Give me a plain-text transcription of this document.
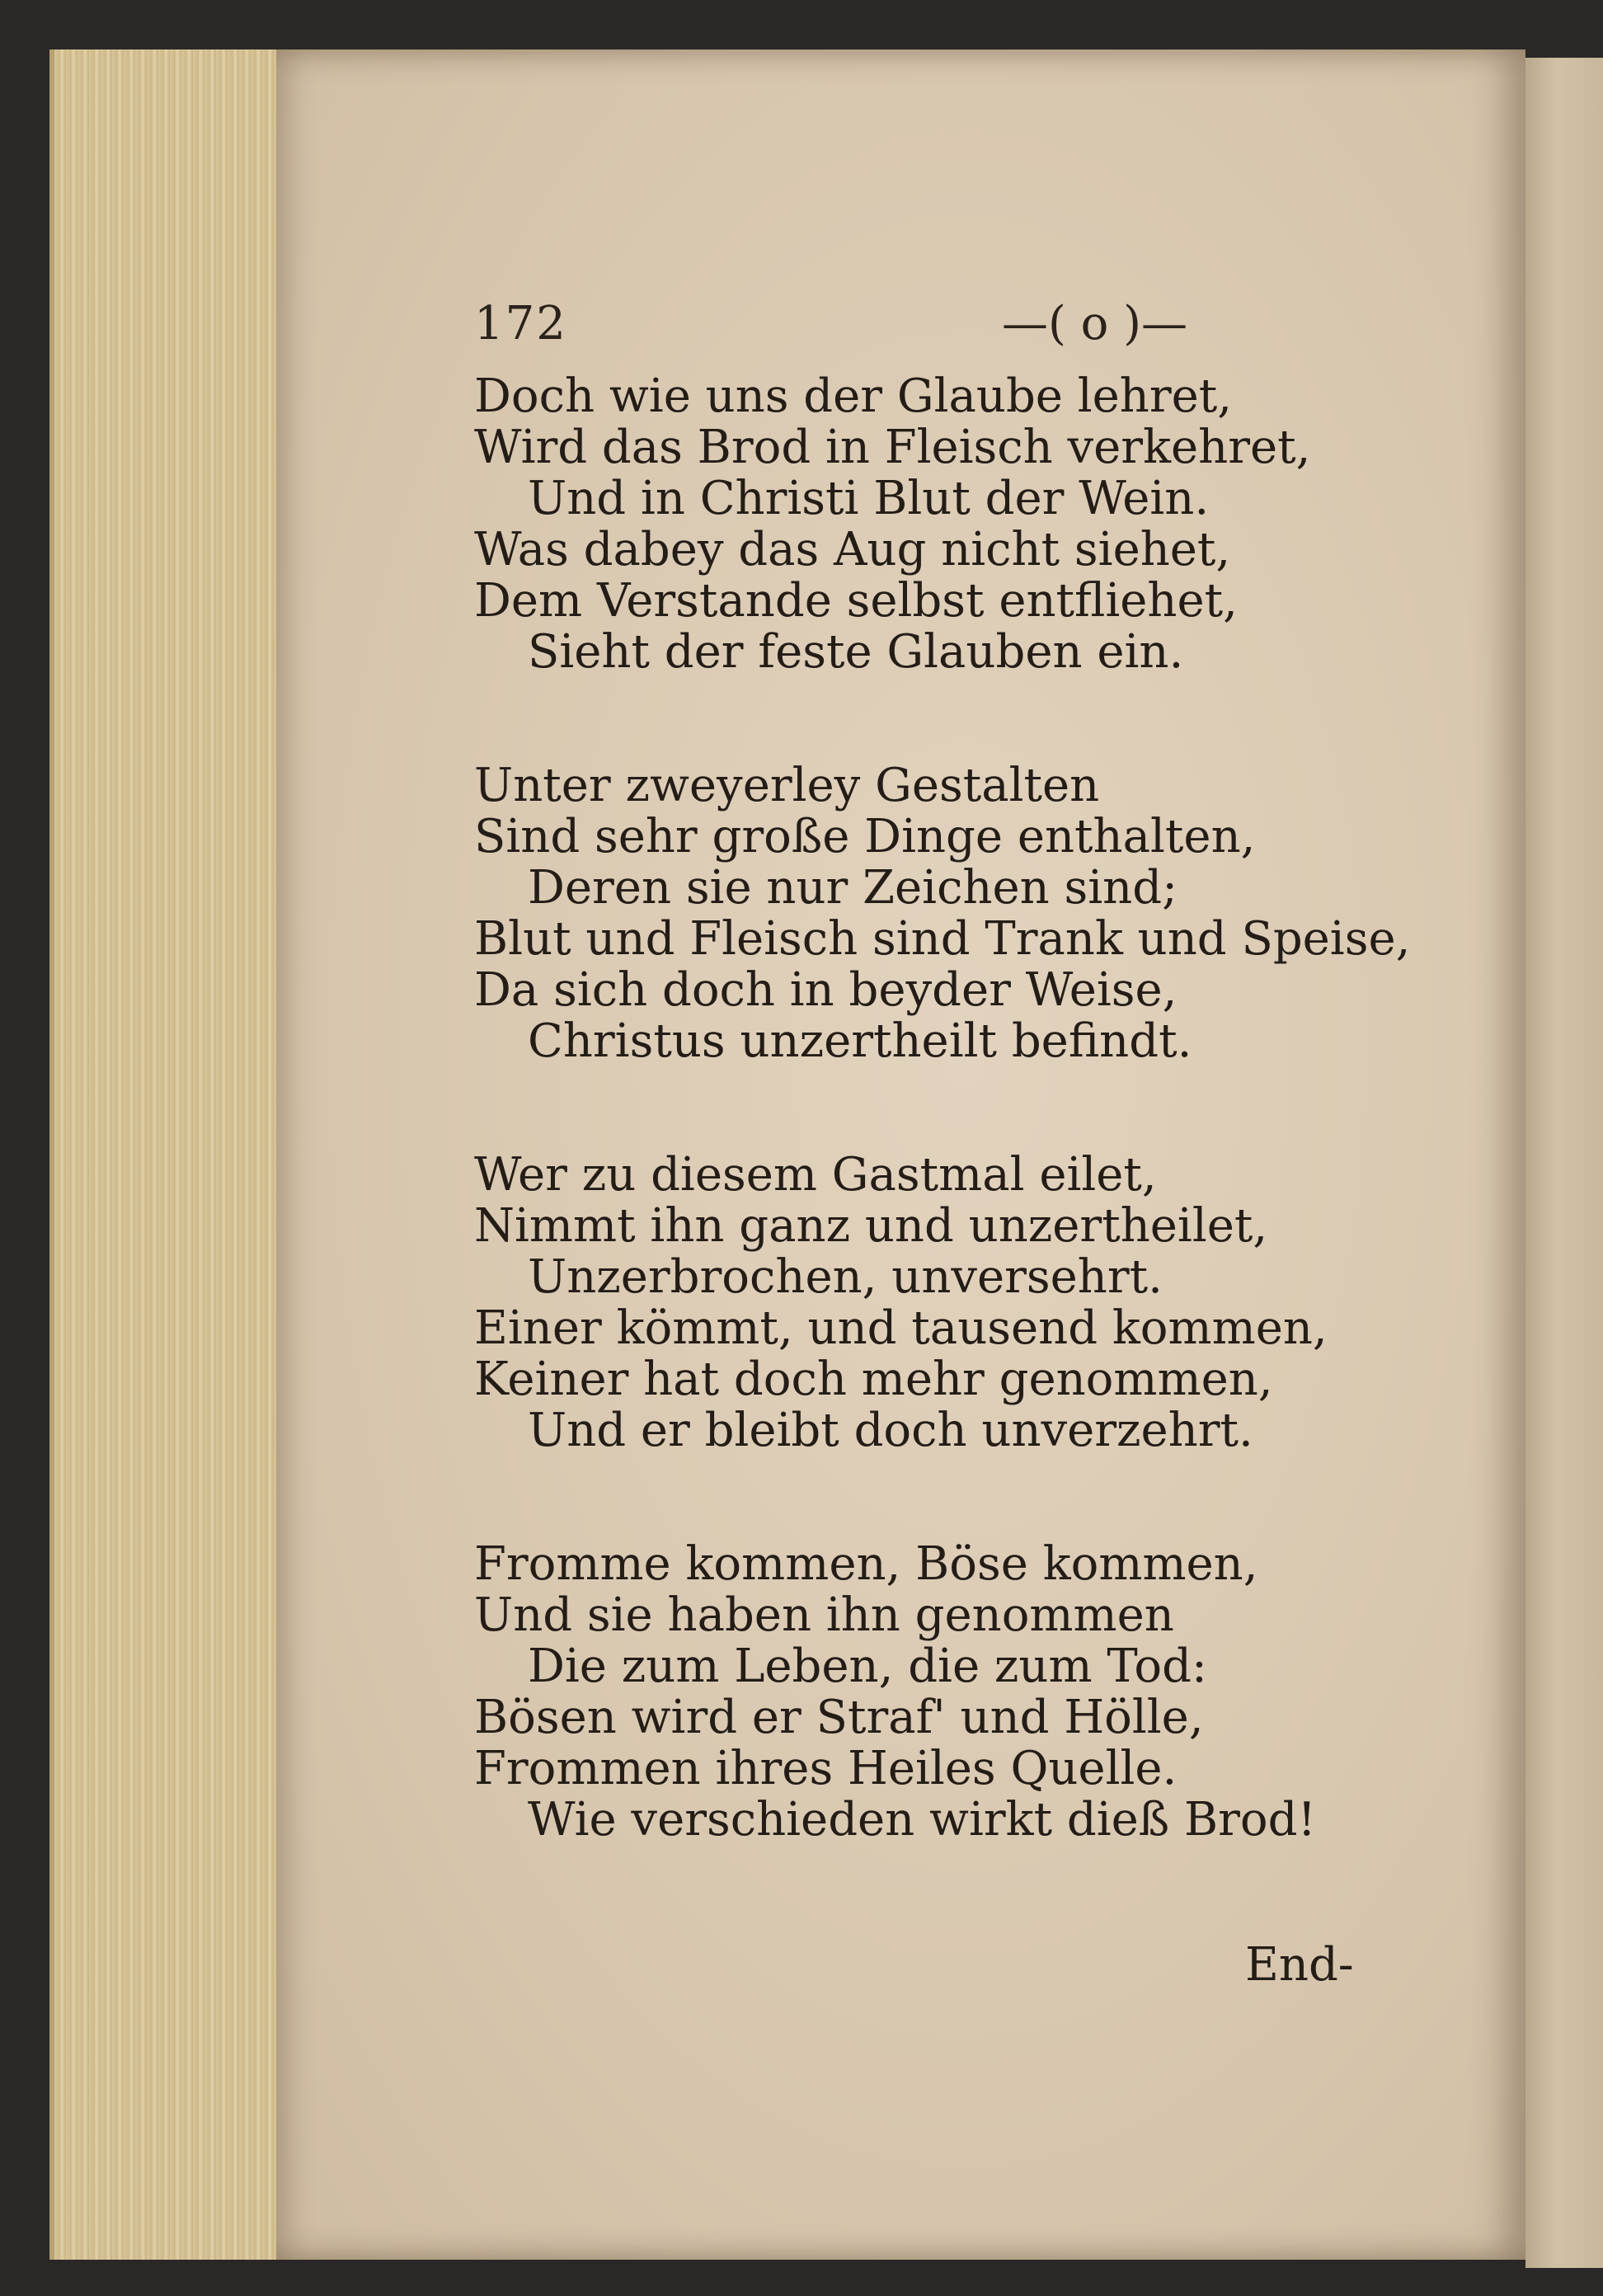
172	—( ο )—
Doch wie uns der Glaube lehret,
Wird das Brod in Fleisch verkehret,
Und in Christi Blut der Wein.
Was dabey das Aug nicht siehet,
Dem Verstande selbst entfliehet,
Sieht der feste Glauben ein.
Unter zweyerley Gestalten
Sind sehr große Dinge enthalten,
Deren sie nur Zeichen sind;
Blut und Fleisch sind Trank und Speise,
Da sich doch in beyder Weise,
Christus unzertheilt befindt.
Wer zu diesem Gastmal eilet,
Nimmt ihn ganz und unzertheilet,
Unzerbrochen, unversehrt.
Einer kömmt, und tausend kommen,
Keiner hat doch mehr genommen,
Und er bleibt doch unverzehrt.
Fromme kommen, Böse kommen,
Und sie haben ihn genommen
Die zum Leben, die zum Tod:
Bösen wird er Straf' und Hölle,
Frommen ihres Heiles Quelle.
Wie verschieden wirkt dieß Brod!
End-
